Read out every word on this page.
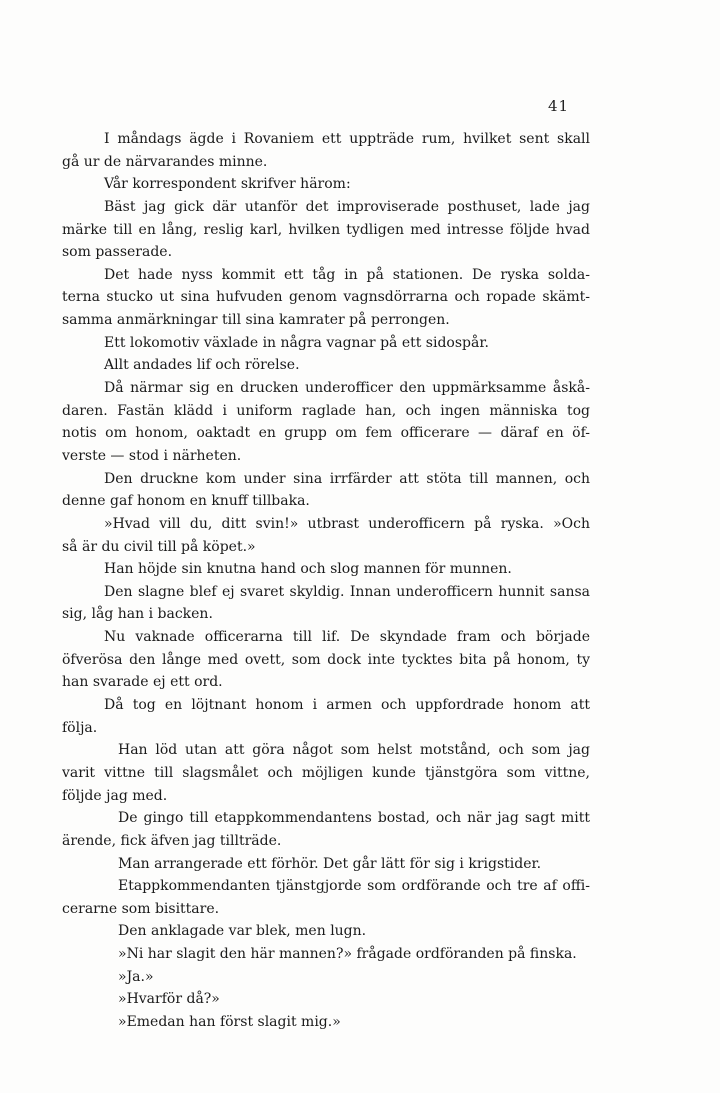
41
I måndags ägde i Rovaniem ett uppträde rum, hvilket sent skall
gå ur de närvarandes minne.
Vår korrespondent skrifver härom:
Bäst jag gick där utanför det improviserade posthuset, lade jag
märke till en lång, reslig karl, hvilken tydligen med intresse följde hvad
som passerade.
Det hade nyss kommit ett tåg in på stationen. De ryska solda-
terna stucko ut sina hufvuden genom vagnsdörrarna och ropade skämt-
samma anmärkningar till sina kamrater på perrongen.
Ett lokomotiv växlade in några vagnar på ett sidospår.
Allt andades lif och rörelse.
Då närmar sig en drucken underofficer den uppmärksamme åskå-
daren. Fastän klädd i uniform raglade han, och ingen människa tog
notis om honom, oaktadt en grupp om fem officerare — däraf en öf-
verste — stod i närheten.
Den druckne kom under sina irrfärder att stöta till mannen, och
denne gaf honom en knuff tillbaka.
»Hvad vill du, ditt svin!» utbrast underofficern på ryska. »Och
så är du civil till på köpet.»
Han höjde sin knutna hand och slog mannen för munnen.
Den slagne blef ej svaret skyldig. Innan underofficern hunnit sansa
sig, låg han i backen.
Nu vaknade officerarna till lif. De skyndade fram och började
öfverösa den långe med ovett, som dock inte tycktes bita på honom, ty
han svarade ej ett ord.
Då tog en löjtnant honom i armen och uppfordrade honom att
följa.
Han löd utan att göra något som helst motstånd, och som jag
varit vittne till slagsmålet och möjligen kunde tjänstgöra som vittne,
följde jag med.
De gingo till etappkommendantens bostad, och när jag sagt mitt
ärende, fick äfven jag tillträde.
Man arrangerade ett förhör. Det går lätt för sig i krigstider.
Etappkommendanten tjänstgjorde som ordförande och tre af offi-
cerarne som bisittare.
Den anklagade var blek, men lugn.
»Ni har slagit den här mannen?» frågade ordföranden på finska.
»Ja.»
»Hvarför då?»
»Emedan han först slagit mig.»
